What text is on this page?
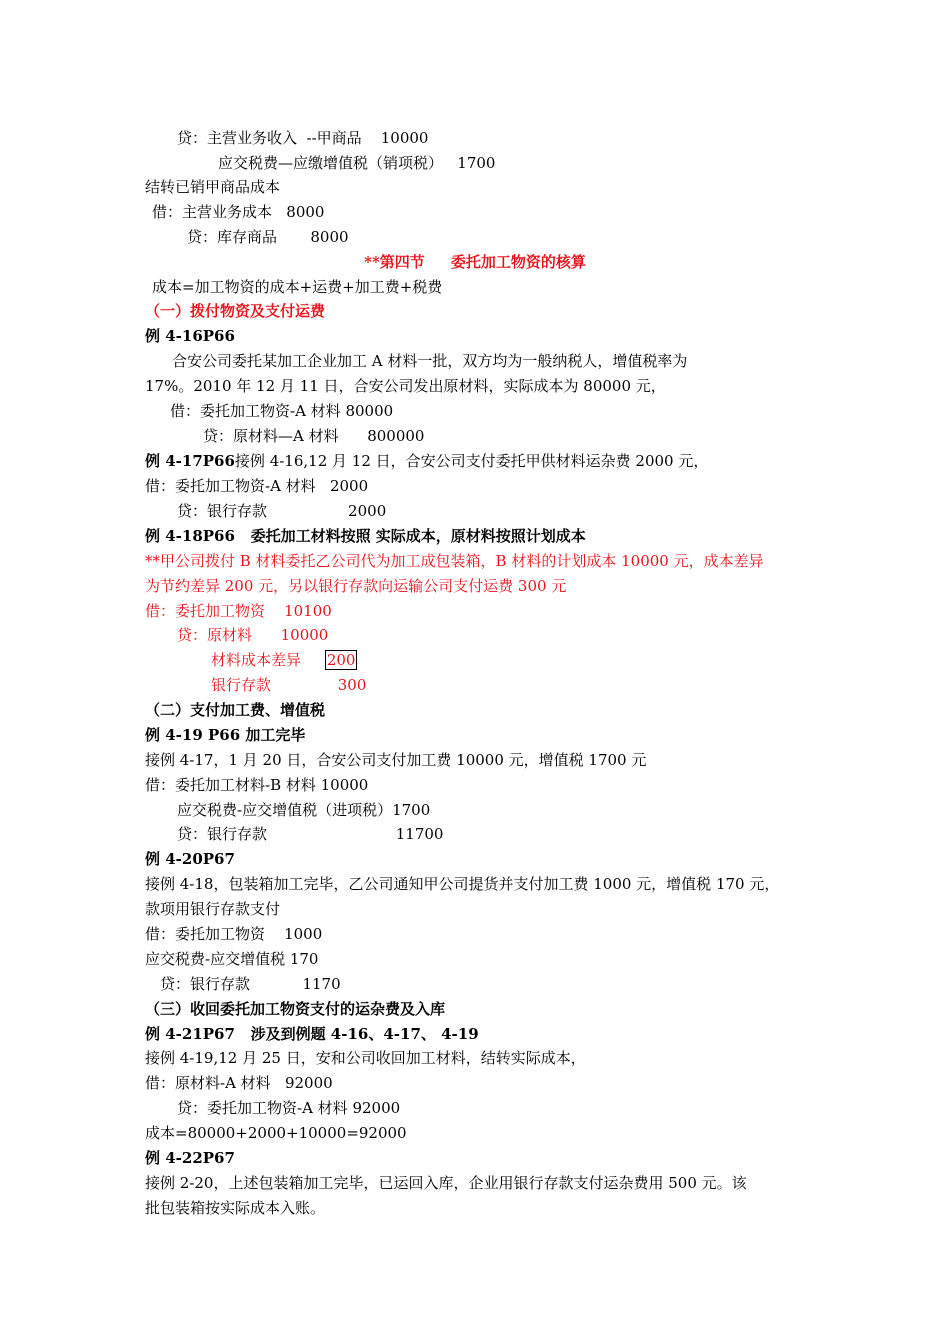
贷：主营业务收入  --甲商品    10000
应交税费—应缴增值税（销项税）   1700
结转已销甲商品成本
借：主营业务成本   8000
贷：库存商品       8000
**第四节     委托加工物资的核算
成本=加工物资的成本+运费+加工费+税费
（一）拨付物资及支付运费
例 4-16P66
合安公司委托某加工企业加工 A 材料一批，双方均为一般纳税人，增值税率为
17%。2010 年 12 月 11 日，合安公司发出原材料，实际成本为 80000 元，
借：委托加工物资-A 材料 80000
贷：原材料—A 材料      800000
例 4-17P66接例 4-16,12 月 12 日，合安公司支付委托甲供材料运杂费 2000 元，
借：委托加工物资-A 材料   2000
贷：银行存款                 2000
例 4-18P66   委托加工材料按照 实际成本，原材料按照计划成本
**甲公司拨付 B 材料委托乙公司代为加工成包装箱，B 材料的计划成本 10000 元，成本差异
为节约差异 200 元，另以银行存款向运输公司支付运费 300 元
借：委托加工物资    10100
贷：原材料      10000
材料成本差异     200
银行存款              300
（二）支付加工费、增值税
例 4-19 P66 加工完毕
接例 4-17，1 月 20 日，合安公司支付加工费 10000 元，增值税 1700 元
借：委托加工材料-B 材料 10000
应交税费-应交增值税（进项税）1700
贷：银行存款                           11700
例 4-20P67
接例 4-18，包装箱加工完毕，乙公司通知甲公司提货并支付加工费 1000 元，增值税 170 元，
款项用银行存款支付
借：委托加工物资    1000
应交税费-应交增值税 170
贷：银行存款           1170
（三）收回委托加工物资支付的运杂费及入库
例 4-21P67   涉及到例题 4-16、4-17、 4-19
接例 4-19,12 月 25 日，安和公司收回加工材料，结转实际成本，
借：原材料-A 材料   92000
贷：委托加工物资-A 材料 92000
成本=80000+2000+10000=92000
例 4-22P67
接例 2-20，上述包装箱加工完毕，已运回入库，企业用银行存款支付运杂费用 500 元。该
批包装箱按实际成本入账。
